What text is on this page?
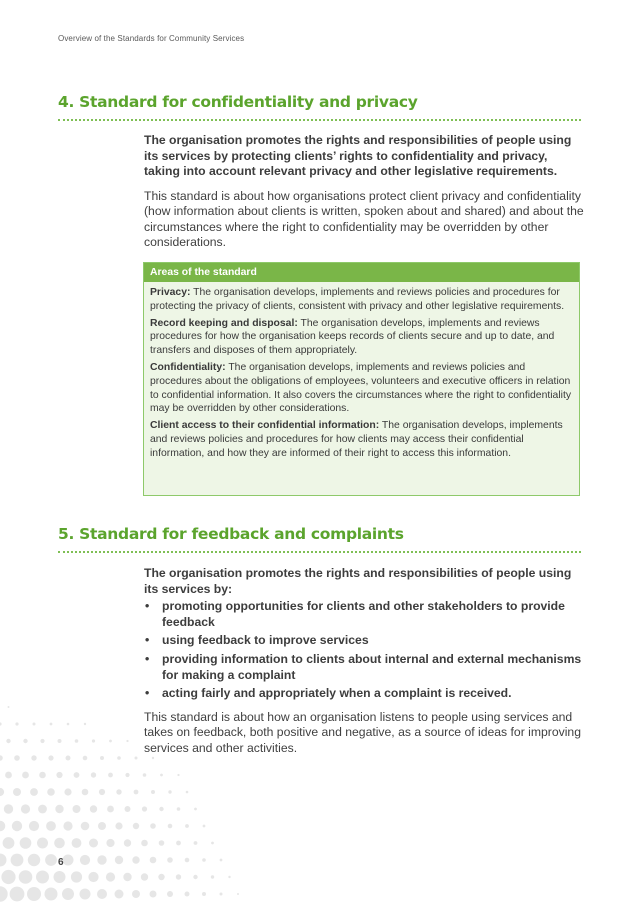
Overview of the Standards for Community Services
4. Standard for confidentiality and privacy

The organisation promotes the rights and responsibilities of people using its services by protecting clients’ rights to confidentiality and privacy, taking into account relevant privacy and other legislative requirements.

This standard is about how organisations protect client privacy and confidentiality (how information about clients is written, spoken about and shared) and about the circumstances where the right to confidentiality may be overridden by other considerations.

Areas of the standard
Privacy: The organisation develops, implements and reviews policies and procedures for protecting the privacy of clients, consistent with privacy and other legislative requirements.
Record keeping and disposal: The organisation develops, implements and reviews procedures for how the organisation keeps records of clients secure and up to date, and transfers and disposes of them appropriately.
Confidentiality: The organisation develops, implements and reviews policies and procedures about the obligations of employees, volunteers and executive officers in relation to confidential information. It also covers the circumstances where the right to confidentiality may be overridden by other considerations.
Client access to their confidential information: The organisation develops, implements and reviews policies and procedures for how clients may access their confidential information, and how they are informed of their right to access this information.
5. Standard for feedback and complaints

The organisation promotes the rights and responsibilities of people using its services by:

• promoting opportunities for clients and other stakeholders to provide feedback
• using feedback to improve services
• providing information to clients about internal and external mechanisms for making a complaint
• acting fairly and appropriately when a complaint is received.

This standard is about how an organisation listens to people using services and takes on feedback, both positive and negative, as a source of ideas for improving services and other activities.

6
